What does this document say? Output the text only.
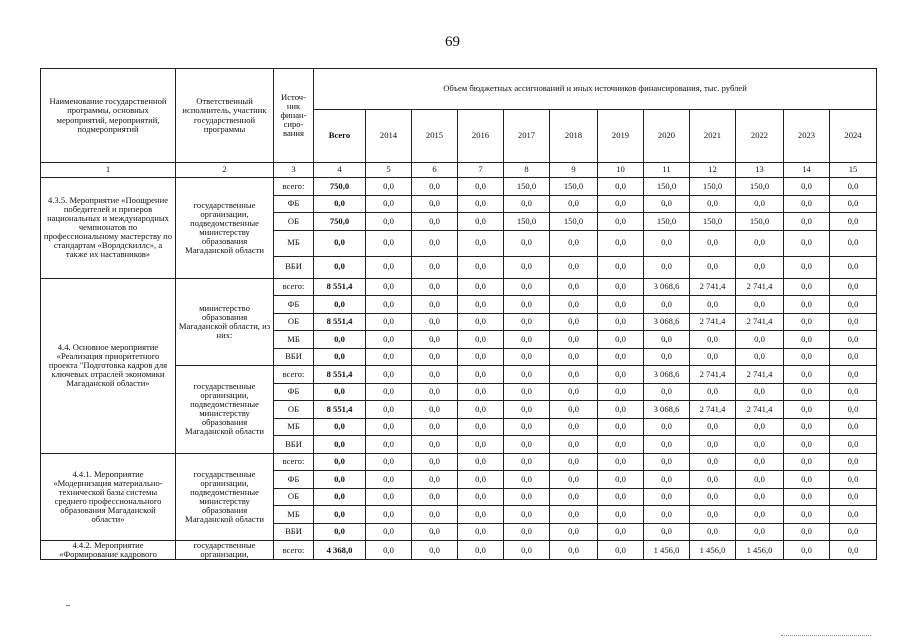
69
Наименование государственной программы, основных мероприятий, мероприятий, подмероприятий	Ответственный исполнитель, участник государственной программы	Источ-ник финан-сиро-вания	Объем бюджетных ассигнований и иных источников финансирования, тыс. рублей											
			Всего	2014	2015	2016	2017	2018	2019	2020	2021	2022	2023	2024
1	2	3	4	5	6	7	8	9	10	11	12	13	14	15
4.3.5. Мероприятие «Поощрение победителей и призеров национальных и международных чемпионатов по профессиональному мастерству по стандартам «Ворлдскиллс», а также их наставников»	государственные организации, подведомственные министерству образования Магаданской области	всего:	750,0	0,0	0,0	0,0	150,0	150,0	0,0	150,0	150,0	150,0	0,0	0,0
		ФБ	0,0	0,0	0,0	0,0	0,0	0,0	0,0	0,0	0,0	0,0	0,0	0,0
		ОБ	750,0	0,0	0,0	0,0	150,0	150,0	0,0	150,0	150,0	150,0	0,0	0,0
		МБ	0,0	0,0	0,0	0,0	0,0	0,0	0,0	0,0	0,0	0,0	0,0	0,0
		ВБИ	0,0	0,0	0,0	0,0	0,0	0,0	0,0	0,0	0,0	0,0	0,0	0,0
4.4. Основное мероприятие «Реализация приоритетного проекта "Подготовка кадров для ключевых отраслей экономики Магаданской области»	министерство образования Магаданской области, из них:	всего:	8 551,4	0,0	0,0	0,0	0,0	0,0	0,0	3 068,6	2 741,4	2 741,4	0,0	0,0
		ФБ	0,0	0,0	0,0	0,0	0,0	0,0	0,0	0,0	0,0	0,0	0,0	0,0
		ОБ	8 551,4	0,0	0,0	0,0	0,0	0,0	0,0	3 068,6	2 741,4	2 741,4	0,0	0,0
		МБ	0,0	0,0	0,0	0,0	0,0	0,0	0,0	0,0	0,0	0,0	0,0	0,0
		ВБИ	0,0	0,0	0,0	0,0	0,0	0,0	0,0	0,0	0,0	0,0	0,0	0,0
	государственные организации, подведомственные министерству образования Магаданской области	всего:	8 551,4	0,0	0,0	0,0	0,0	0,0	0,0	3 068,6	2 741,4	2 741,4	0,0	0,0
		ФБ	0,0	0,0	0,0	0,0	0,0	0,0	0,0	0,0	0,0	0,0	0,0	0,0
		ОБ	8 551,4	0,0	0,0	0,0	0,0	0,0	0,0	3 068,6	2 741,4	2 741,4	0,0	0,0
		МБ	0,0	0,0	0,0	0,0	0,0	0,0	0,0	0,0	0,0	0,0	0,0	0,0
		ВБИ	0,0	0,0	0,0	0,0	0,0	0,0	0,0	0,0	0,0	0,0	0,0	0,0
4.4.1. Мероприятие «Модернизация материально-технической базы системы среднего профессионального образования Магаданской области»	государственные организации, подведомственные министерству образования Магаданской области	всего:	0,0	0,0	0,0	0,0	0,0	0,0	0,0	0,0	0,0	0,0	0,0	0,0
		ФБ	0,0	0,0	0,0	0,0	0,0	0,0	0,0	0,0	0,0	0,0	0,0	0,0
		ОБ	0,0	0,0	0,0	0,0	0,0	0,0	0,0	0,0	0,0	0,0	0,0	0,0
		МБ	0,0	0,0	0,0	0,0	0,0	0,0	0,0	0,0	0,0	0,0	0,0	0,0
		ВБИ	0,0	0,0	0,0	0,0	0,0	0,0	0,0	0,0	0,0	0,0	0,0	0,0
4.4.2. Мероприятие «Формирование кадрового	государственные организации,	всего:	4 368,0	0,0	0,0	0,0	0,0	0,0	0,0	1 456,0	1 456,0	1 456,0	0,0	0,0
